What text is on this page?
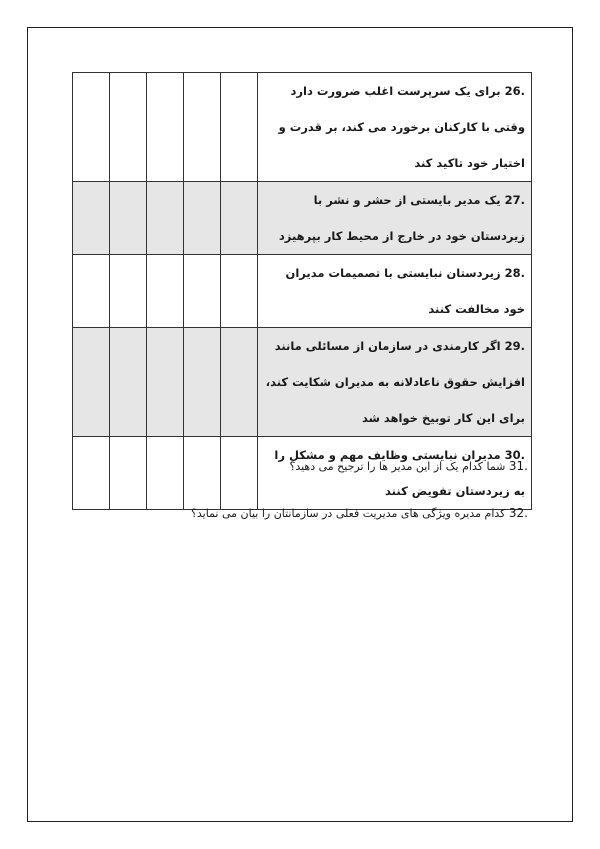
					26. برای یک سرپرست اغلب ضرورت دارد وقتی با کارکنان برخورد می کند، بر قدرت و اختیار خود تاکید کند
					27. یک مدیر بایستی از حشر و نشر با زیردستان خود در خارج از محیط کار بپرهیزد
					28. زیردستان نبایستی با تصمیمات مدیران خود مخالفت کنند
					29. اگر کارمندی در سازمان از مسائلی مانند افزایش حقوق ناعادلانه به مدیران شکایت کند، برای این کار توبیخ خواهد شد
					30. مدیران نبایستی وظایف مهم و مشکل را به زیردستان تفویض کنند
31. شما کدام یک از این مدیر ها را ترجیح می دهید؟
32. کدام مدیره ویژگی های مدیریت فعلی در سازمانتان را بیان می نماید؟
